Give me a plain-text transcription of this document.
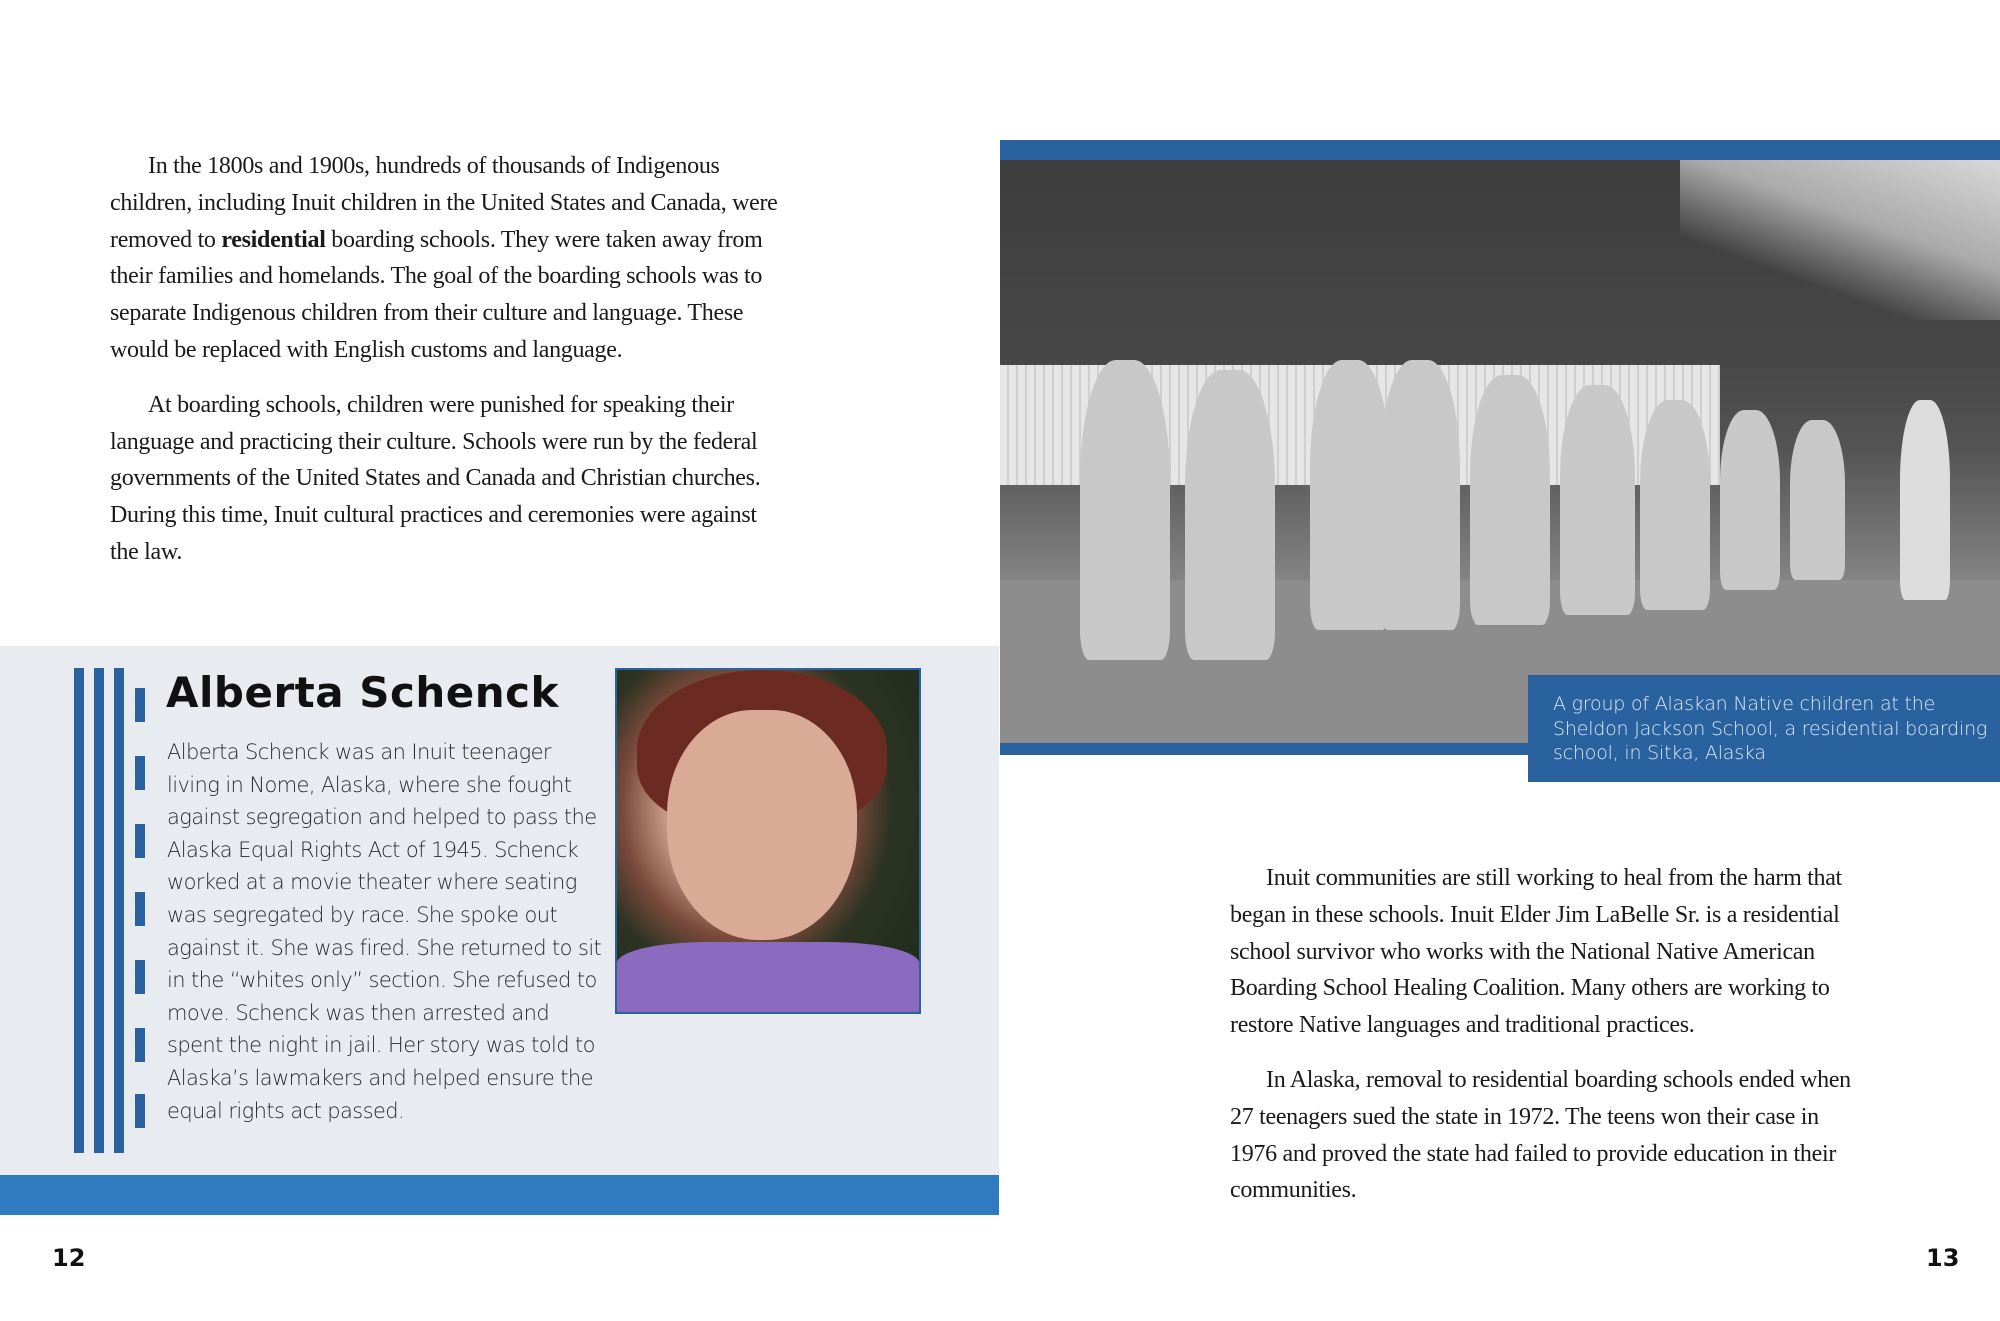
In the 1800s and 1900s, hundreds of thousands of Indigenous children, including Inuit children in the United States and Canada, were removed to residential boarding schools. They were taken away from their families and homelands. The goal of the boarding schools was to separate Indigenous children from their culture and language. These would be replaced with English customs and language.

At boarding schools, children were punished for speaking their language and practicing their culture. Schools were run by the federal governments of the United States and Canada and Christian churches. During this time, Inuit cultural practices and ceremonies were against the law.

Alberta Schenck
Alberta Schenck was an Inuit teenager living in Nome, Alaska, where she fought against segregation and helped to pass the Alaska Equal Rights Act of 1945. Schenck worked at a movie theater where seating was segregated by race. She spoke out against it. She was fired. She returned to sit in the “whites only” section. She refused to move. Schenck was then arrested and spent the night in jail. Her story was told to Alaska’s lawmakers and helped ensure the equal rights act passed.
12
A group of Alaskan Native children at the Sheldon Jackson School, a residential boarding school, in Sitka, Alaska

Inuit communities are still working to heal from the harm that began in these schools. Inuit Elder Jim LaBelle Sr. is a residential school survivor who works with the National Native American Boarding School Healing Coalition. Many others are working to restore Native languages and traditional practices.

In Alaska, removal to residential boarding schools ended when 27 teenagers sued the state in 1972. The teens won their case in 1976 and proved the state had failed to provide education in their communities.

13
